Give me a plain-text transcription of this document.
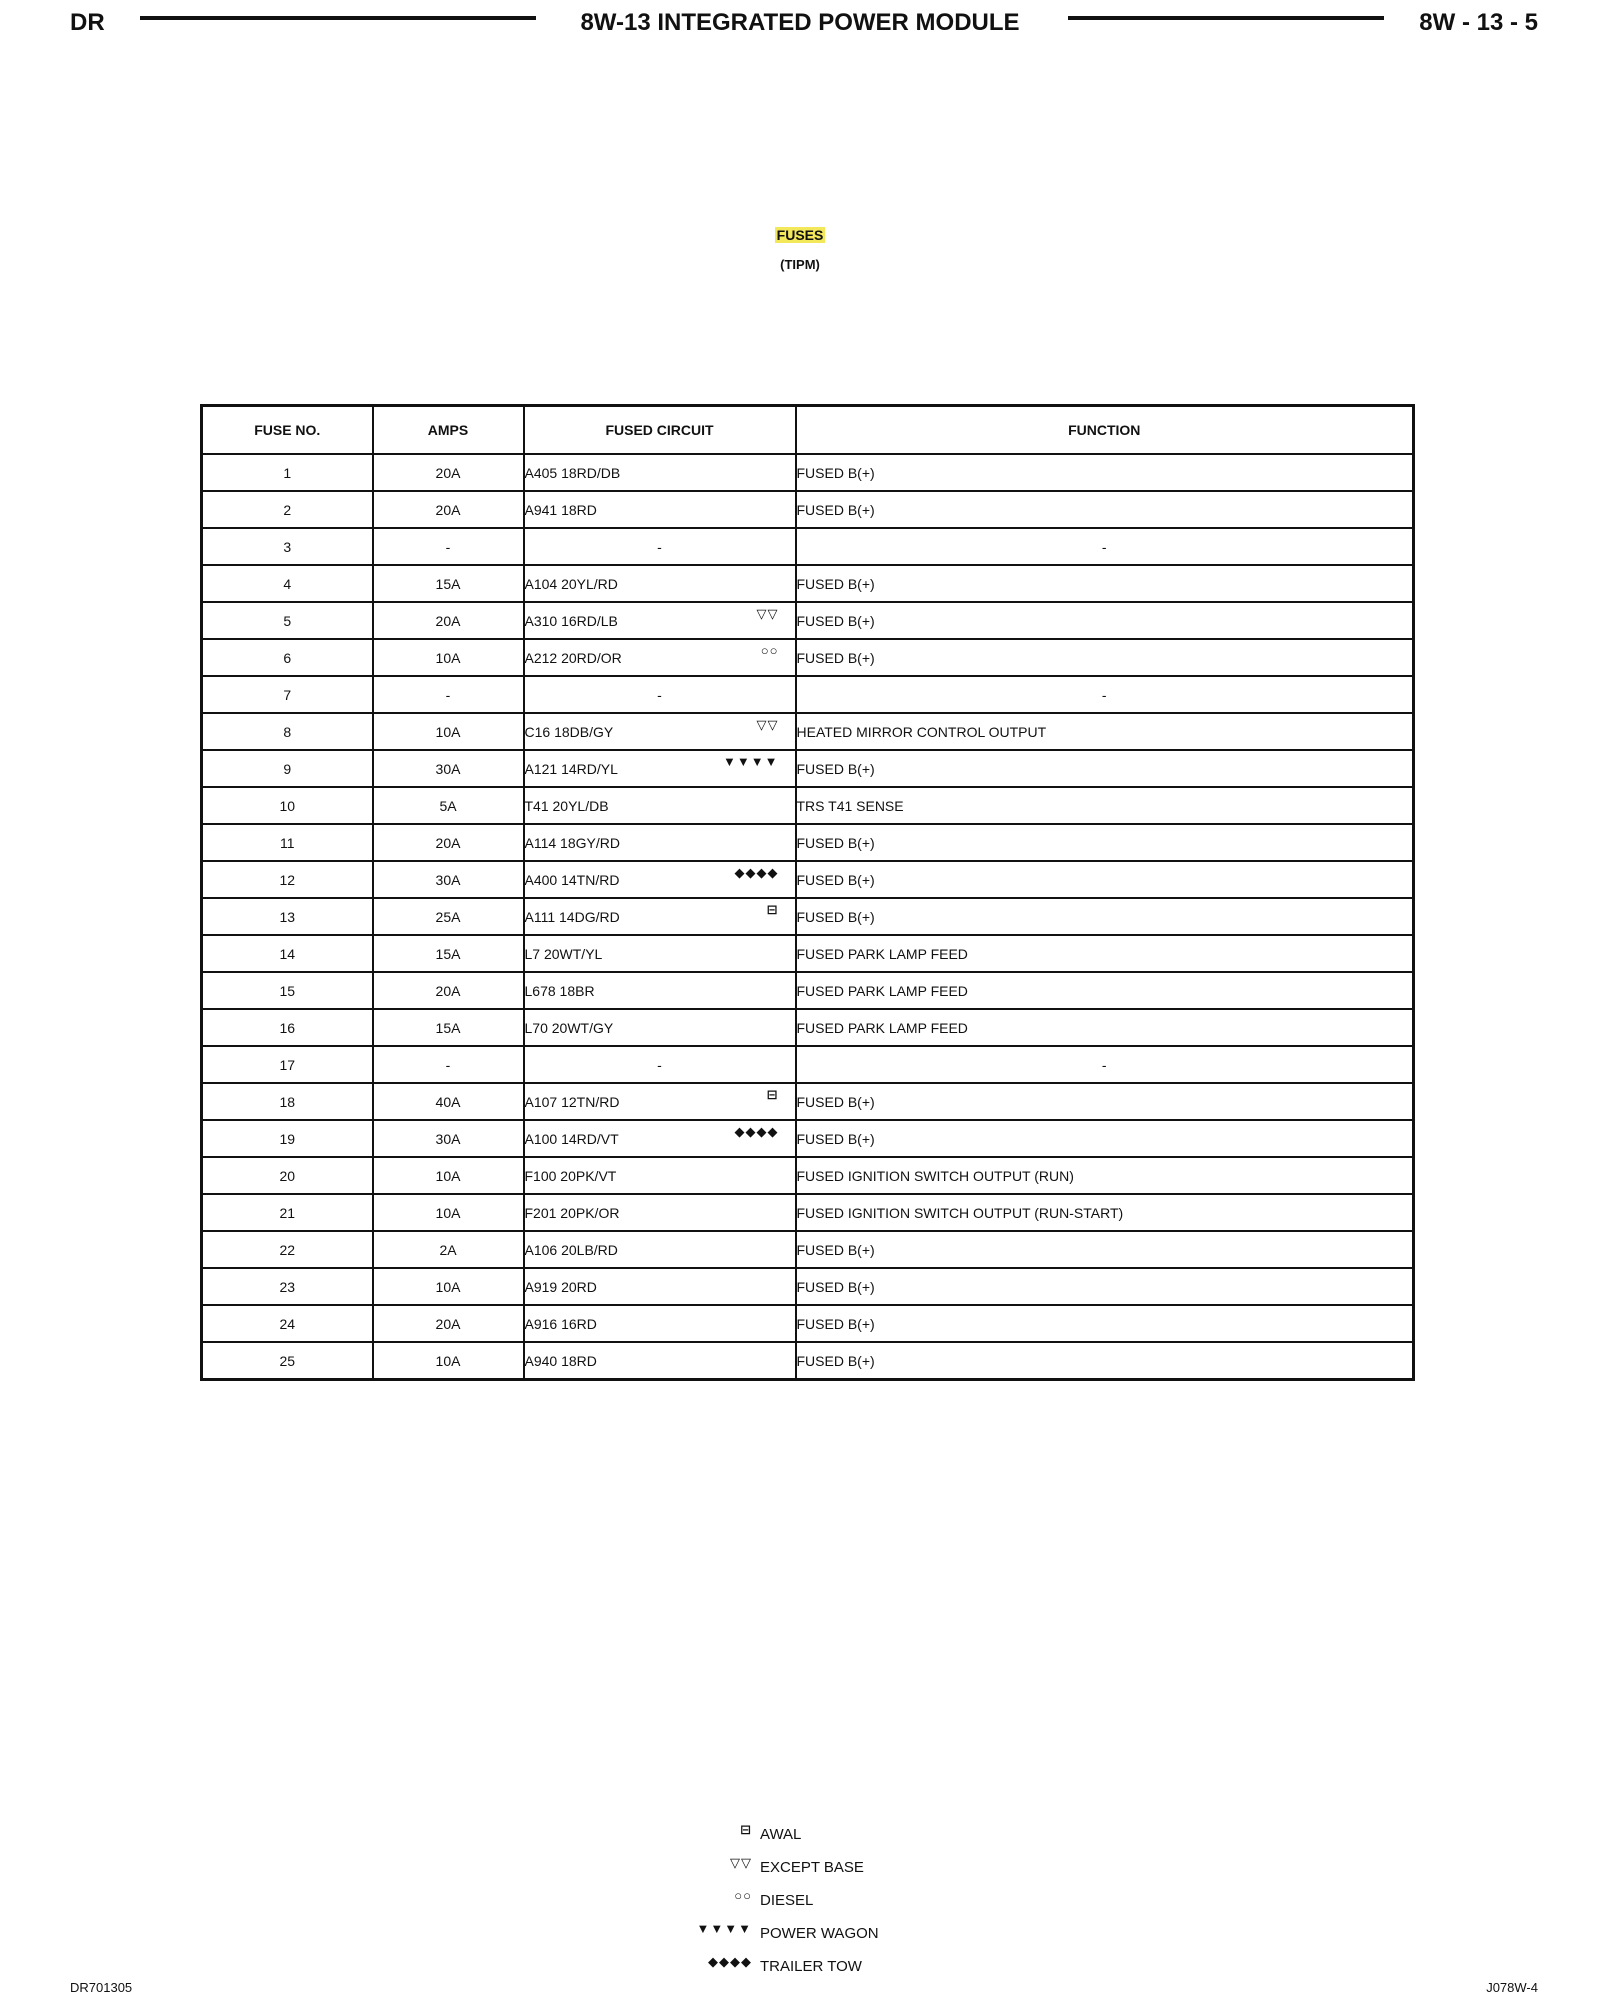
DR	8W-13 INTEGRATED POWER MODULE	8W - 13 - 5
FUSES
(TIPM)
FUSE NO.	AMPS	FUSED CIRCUIT	FUNCTION
1	20A	A405 18RD/DB	FUSED B(+)
2	20A	A941 18RD	FUSED B(+)
3	-	-	-
4	15A	A104 20YL/RD	FUSED B(+)
5	20A	A310 16RD/LB ▽▽	FUSED B(+)
6	10A	A212 20RD/OR ○○	FUSED B(+)
7	-	-	-
8	10A	C16 18DB/GY ▽▽	HEATED MIRROR CONTROL OUTPUT
9	30A	A121 14RD/YL ▼▼▼▼	FUSED B(+)
10	5A	T41 20YL/DB	TRS T41 SENSE
11	20A	A114 18GY/RD	FUSED B(+)
12	30A	A400 14TN/RD ◆◆◆◆	FUSED B(+)
13	25A	A111 14DG/RD ⊟	FUSED B(+)
14	15A	L7 20WT/YL	FUSED PARK LAMP FEED
15	20A	L678 18BR	FUSED PARK LAMP FEED
16	15A	L70 20WT/GY	FUSED PARK LAMP FEED
17	-	-	-
18	40A	A107 12TN/RD ⊟	FUSED B(+)
19	30A	A100 14RD/VT ◆◆◆◆	FUSED B(+)
20	10A	F100 20PK/VT	FUSED IGNITION SWITCH OUTPUT (RUN)
21	10A	F201 20PK/OR	FUSED IGNITION SWITCH OUTPUT (RUN-START)
22	2A	A106 20LB/RD	FUSED B(+)
23	10A	A919 20RD	FUSED B(+)
24	20A	A916 16RD	FUSED B(+)
25	10A	A940 18RD	FUSED B(+)
⊟ AWAL
▽▽ EXCEPT BASE
○○ DIESEL
▼▼▼▼ POWER WAGON
◆◆◆◆ TRAILER TOW
DR701305	J078W-4
